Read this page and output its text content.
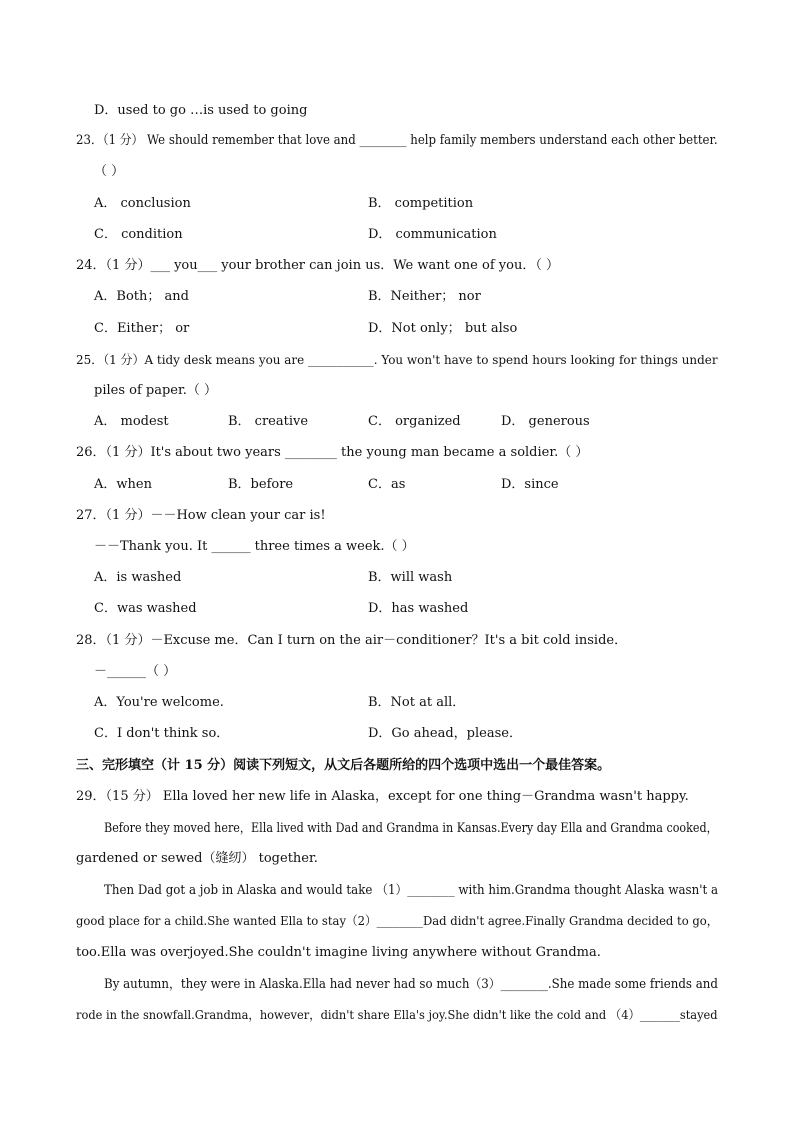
D．used to go …is used to going
23．（1 分） We should remember that love and ________ help family members understand each other better.
（ ）
A． conclusion	B． competition
C． condition	D． communication
24．（1 分）___ you___ your brother can join us．We want one of you．（ ）
A．Both； and	B．Neither； nor
C．Either； or	D．Not only； but also
25．（1 分）A tidy desk means you are ___________. You won't have to spend hours looking for things under
piles of paper.（ ）
A． modest	B． creative	C． organized	D． generous
26．（1 分）It's about two years ________ the young man became a soldier.（ ）
A．when	B．before	C．as	D．since
27．（1 分）－－How clean your car is!
－－Thank you. It ______ three times a week.（ ）
A．is washed	B．will wash
C．was washed	D．has washed
28．（1 分）－Excuse me．Can I turn on the air－conditioner？It's a bit cold inside．
－______（ ）
A．You're welcome.	B．Not at all．
C．I don't think so．	D．Go ahead，please．
三、完形填空（计 15 分）阅读下列短文，从文后各题所给的四个选项中选出一个最佳答案。
29．（15 分） Ella loved her new life in Alaska，except for one thing－Grandma wasn't happy.
Before they moved here，Ella lived with Dad and Grandma in Kansas.Every day Ella and Grandma cooked，
gardened or sewed（缝纫） together.
Then Dad got a job in Alaska and would take （1）________ with him.Grandma thought Alaska wasn't a
good place for a child.She wanted Ella to stay（2）________Dad didn't agree.Finally Grandma decided to go，
too.Ella was overjoyed.She couldn't imagine living anywhere without Grandma.
By autumn，they were in Alaska.Ella had never had so much（3）________.She made some friends and
rode in the snowfall.Grandma，however，didn't share Ella's joy.She didn't like the cold and （4）_______stayed
